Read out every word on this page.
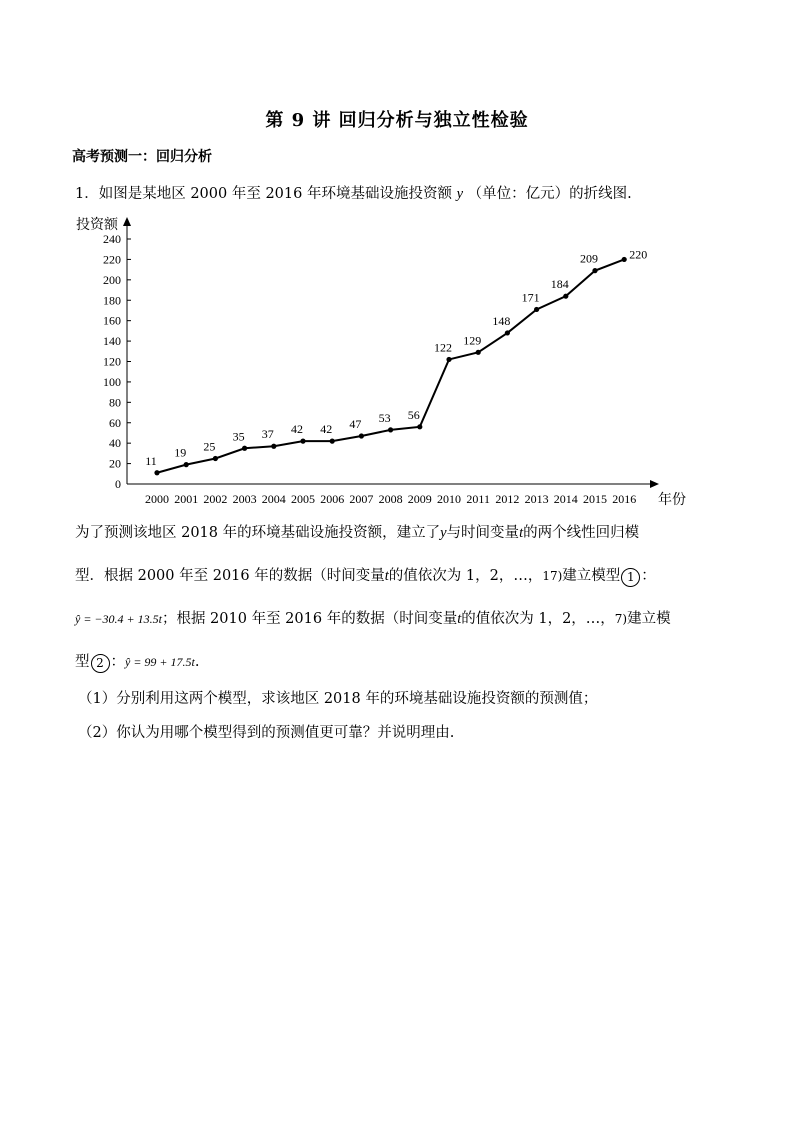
第 9 讲 回归分析与独立性检验
高考预测一：回归分析
1．如图是某地区 2000 年至 2016 年环境基础设施投资额 y （单位：亿元）的折线图.
投资额
年份
0
20
40
60
80
100
120
140
160
180
200
220
240
2000 2001 2002 2003 2004 2005 2006 2007 2008 2009 2010 2011 2012 2013 2014 2015 2016
11
19 25
35 37 42 42 47 53 56
122
129
148
171
184
209	220
为了预测该地区 2018 年的环境基础设施投资额，建立了y与时间变量t的两个线性回归模
型．根据 2000 年至 2016 年的数据（时间变量t的值依次为 1，2，…，17)建立模型 1 ：
ŷ = −30.4 + 13.5t；根据 2010 年至 2016 年的数据（时间变量t的值依次为 1，2，…，7)建立模
型 2 ：ŷ = 99 + 17.5t.
（1）分别利用这两个模型，求该地区 2018 年的环境基础设施投资额的预测值；
（2）你认为用哪个模型得到的预测值更可靠？并说明理由.
